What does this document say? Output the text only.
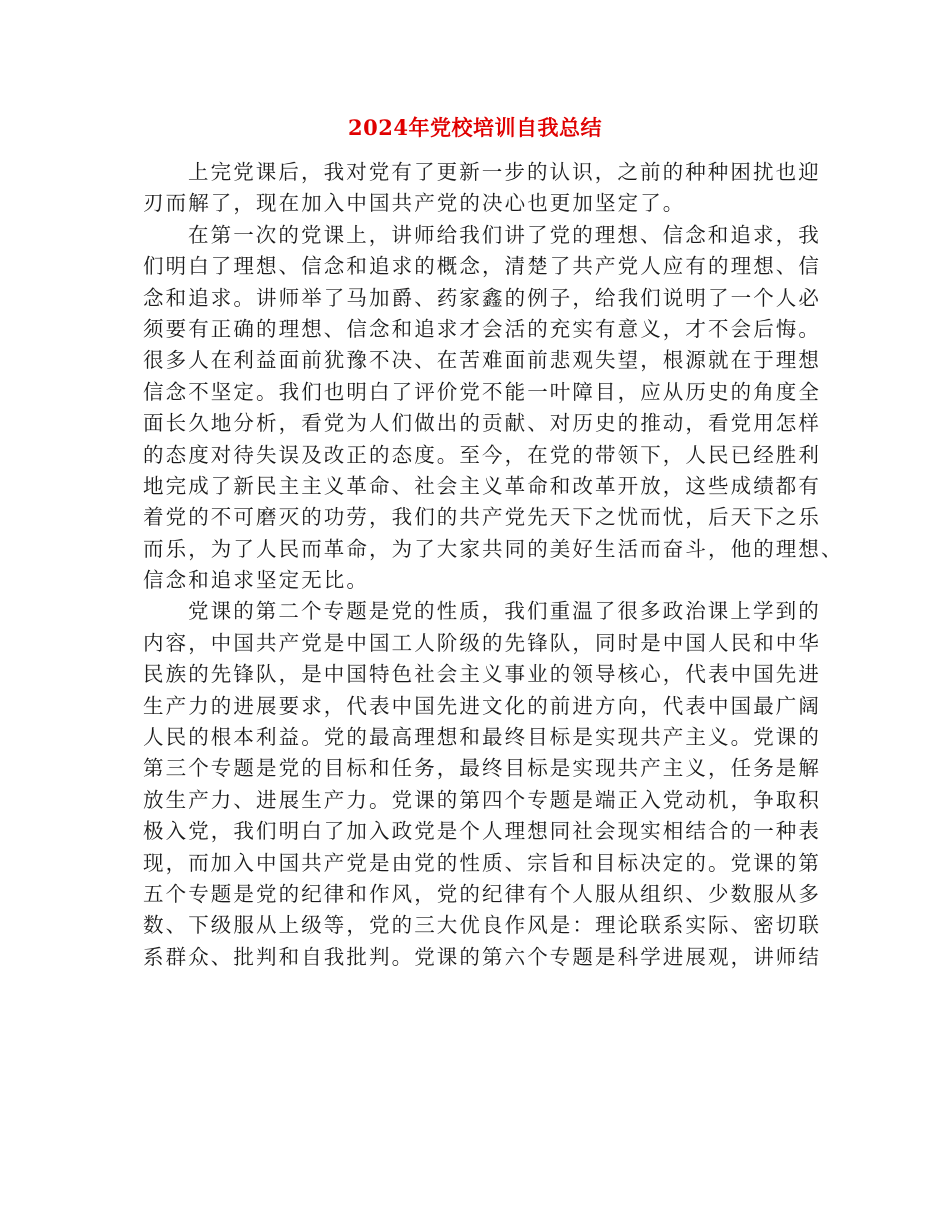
2024年党校培训自我总结
上完党课后，我对党有了更新一步的认识，之前的种种困扰也迎
刃而解了，现在加入中国共产党的决心也更加坚定了。
在第一次的党课上，讲师给我们讲了党的理想、信念和追求，我
们明白了理想、信念和追求的概念，清楚了共产党人应有的理想、信
念和追求。讲师举了马加爵、药家鑫的例子，给我们说明了一个人必
须要有正确的理想、信念和追求才会活的充实有意义，才不会后悔。
很多人在利益面前犹豫不决、在苦难面前悲观失望，根源就在于理想
信念不坚定。我们也明白了评价党不能一叶障目，应从历史的角度全
面长久地分析，看党为人们做出的贡献、对历史的推动，看党用怎样
的态度对待失误及改正的态度。至今，在党的带领下，人民已经胜利
地完成了新民主主义革命、社会主义革命和改革开放，这些成绩都有
着党的不可磨灭的功劳，我们的共产党先天下之忧而忧，后天下之乐
而乐，为了人民而革命，为了大家共同的美好生活而奋斗，他的理想、
信念和追求坚定无比。
党课的第二个专题是党的性质，我们重温了很多政治课上学到的
内容，中国共产党是中国工人阶级的先锋队，同时是中国人民和中华
民族的先锋队，是中国特色社会主义事业的领导核心，代表中国先进
生产力的进展要求，代表中国先进文化的前进方向，代表中国最广阔
人民的根本利益。党的最高理想和最终目标是实现共产主义。党课的
第三个专题是党的目标和任务，最终目标是实现共产主义，任务是解
放生产力、进展生产力。党课的第四个专题是端正入党动机，争取积
极入党，我们明白了加入政党是个人理想同社会现实相结合的一种表
现，而加入中国共产党是由党的性质、宗旨和目标决定的。党课的第
五个专题是党的纪律和作风，党的纪律有个人服从组织、少数服从多
数、下级服从上级等，党的三大优良作风是：理论联系实际、密切联
系群众、批判和自我批判。党课的第六个专题是科学进展观，讲师结
